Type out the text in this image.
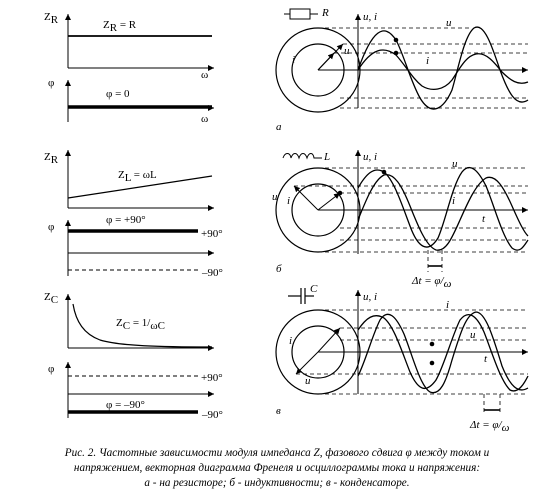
ZR	ZR = R
ω
φ
φ = 0
ω
R
i
u
u, i	u
i
а
ZR
ZL = ωL
φ
φ = +90°
+90°
–90°
L
u i
u, i
u
i
t
Δt = φ/ω
б
ZC
ZC = 1/ωC
φ
φ = –90°
+90°
–90°
C
i
u
u, i
i
u
t
Δt = φ/ω
в
Рис. 2. Частотные зависимости модуля импеданса Z, фазового сдвига φ между током и
напряжением, векторная диаграмма Френеля и осциллограммы тока и напряжения:
а - на резисторе; б - индуктивности; в - конденсаторе.
